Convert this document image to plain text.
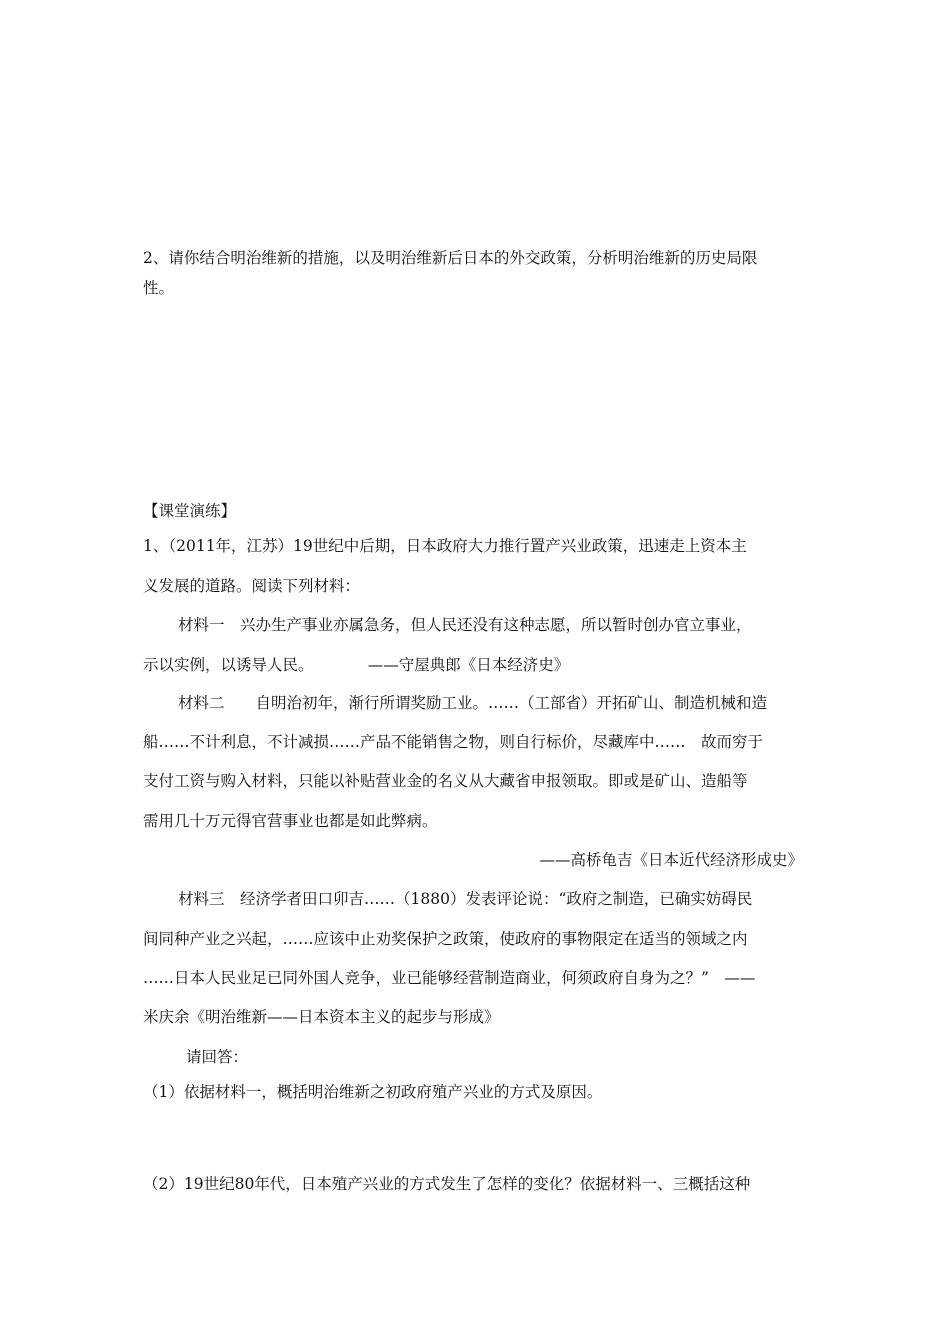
2、请你结合明治维新的措施，以及明治维新后日本的外交政策，分析明治维新的历史局限
性。
【课堂演练】
1、（2011年，江苏）19世纪中后期，日本政府大力推行置产兴业政策，迅速走上资本主
义发展的道路。阅读下列材料：
材料一　兴办生产事业亦属急务，但人民还没有这种志愿，所以暂时创办官立事业，
示以实例，以诱导人民。　　　　——守屋典郎《日本经济史》
材料二　　自明治初年，渐行所谓奖励工业。……（工部省）开拓矿山、制造机械和造
船……不计利息，不计减损……产品不能销售之物，则自行标价，尽藏库中……　故而穷于
支付工资与购入材料，只能以补贴营业金的名义从大藏省申报领取。即或是矿山、造船等
需用几十万元得官营事业也都是如此弊病。
——高桥龟吉《日本近代经济形成史》
材料三　经济学者田口卯吉……（1880）发表评论说：“政府之制造，已确实妨碍民
间同种产业之兴起，……应该中止劝奖保护之政策，使政府的事物限定在适当的领域之内
……日本人民业足已同外国人竞争，业已能够经营制造商业，何须政府自身为之？”　——
米庆余《明治维新——日本资本主义的起步与形成》
请回答：
（1）依据材料一，概括明治维新之初政府殖产兴业的方式及原因。
（2）19世纪80年代，日本殖产兴业的方式发生了怎样的变化？依据材料一、三概括这种
